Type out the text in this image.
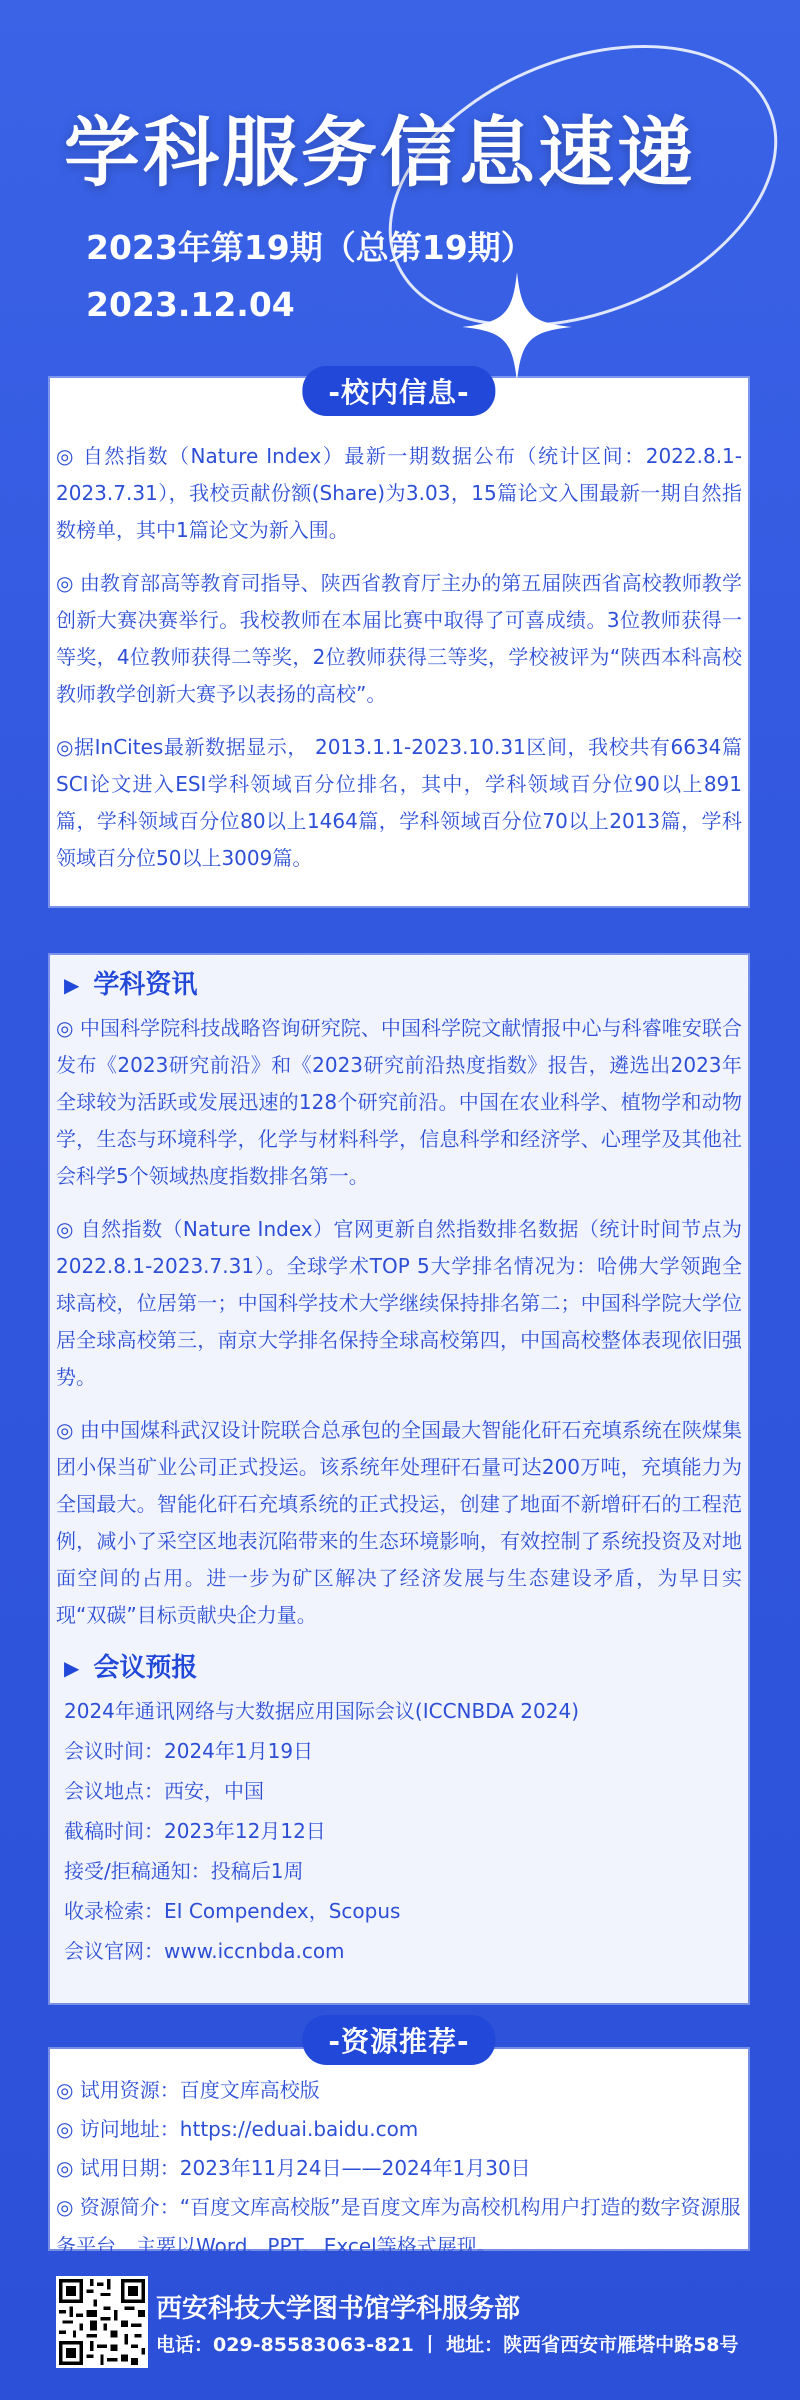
学科服务信息速递

2023年第19期（总第19期）

2023.12.04

-校内信息-

◎ 自然指数（Nature Index）最新一期数据公布（统计区间：2022.8.1-2023.7.31），我校贡献份额(Share)为3.03，15篇论文入围最新一期自然指数榜单，其中1篇论文为新入围。

◎ 由教育部高等教育司指导、陕西省教育厅主办的第五届陕西省高校教师教学创新大赛决赛举行。我校教师在本届比赛中取得了可喜成绩。3位教师获得一等奖，4位教师获得二等奖，2位教师获得三等奖，学校被评为“陕西本科高校教师教学创新大赛予以表扬的高校”。

◎据InCites最新数据显示， 2013.1.1-2023.10.31区间，我校共有6634篇SCI论文进入ESI学科领域百分位排名，其中，学科领域百分位90以上891篇，学科领域百分位80以上1464篇，学科领域百分位70以上2013篇，学科领域百分位50以上3009篇。

▶ 学科资讯

◎ 中国科学院科技战略咨询研究院、中国科学院文献情报中心与科睿唯安联合发布《2023研究前沿》和《2023研究前沿热度指数》报告，遴选出2023年全球较为活跃或发展迅速的128个研究前沿。中国在农业科学、植物学和动物学，生态与环境科学，化学与材料科学，信息科学和经济学、心理学及其他社会科学5个领域热度指数排名第一。

◎ 自然指数（Nature Index）官网更新自然指数排名数据（统计时间节点为2022.8.1-2023.7.31）。全球学术TOP 5大学排名情况为：哈佛大学领跑全球高校，位居第一；中国科学技术大学继续保持排名第二；中国科学院大学位居全球高校第三，南京大学排名保持全球高校第四，中国高校整体表现依旧强势。

◎ 由中国煤科武汉设计院联合总承包的全国最大智能化矸石充填系统在陕煤集团小保当矿业公司正式投运。该系统年处理矸石量可达200万吨，充填能力为全国最大。智能化矸石充填系统的正式投运，创建了地面不新增矸石的工程范例，减小了采空区地表沉陷带来的生态环境影响，有效控制了系统投资及对地面空间的占用。进一步为矿区解决了经济发展与生态建设矛盾，为早日实现“双碳”目标贡献央企力量。

▶ 会议预报
2024年通讯网络与大数据应用国际会议(ICCNBDA 2024)
会议时间：2024年1月19日
会议地点：西安，中国
截稿时间：2023年12月12日
接受/拒稿通知：投稿后1周
收录检索：EI Compendex，Scopus
会议官网：www.iccnbda.com
-资源推荐-
◎ 试用资源：百度文库高校版
◎ 访问地址：https://eduai.baidu.com
◎ 试用日期：2023年11月24日——2024年1月30日
◎ 资源简介：“百度文库高校版”是百度文库为高校机构用户打造的数字资源服务平台，主要以Word、PPT、Excel等格式展现。

西安科技大学图书馆学科服务部

电话：029-85583063-821 丨 地址：陕西省西安市雁塔中路58号
